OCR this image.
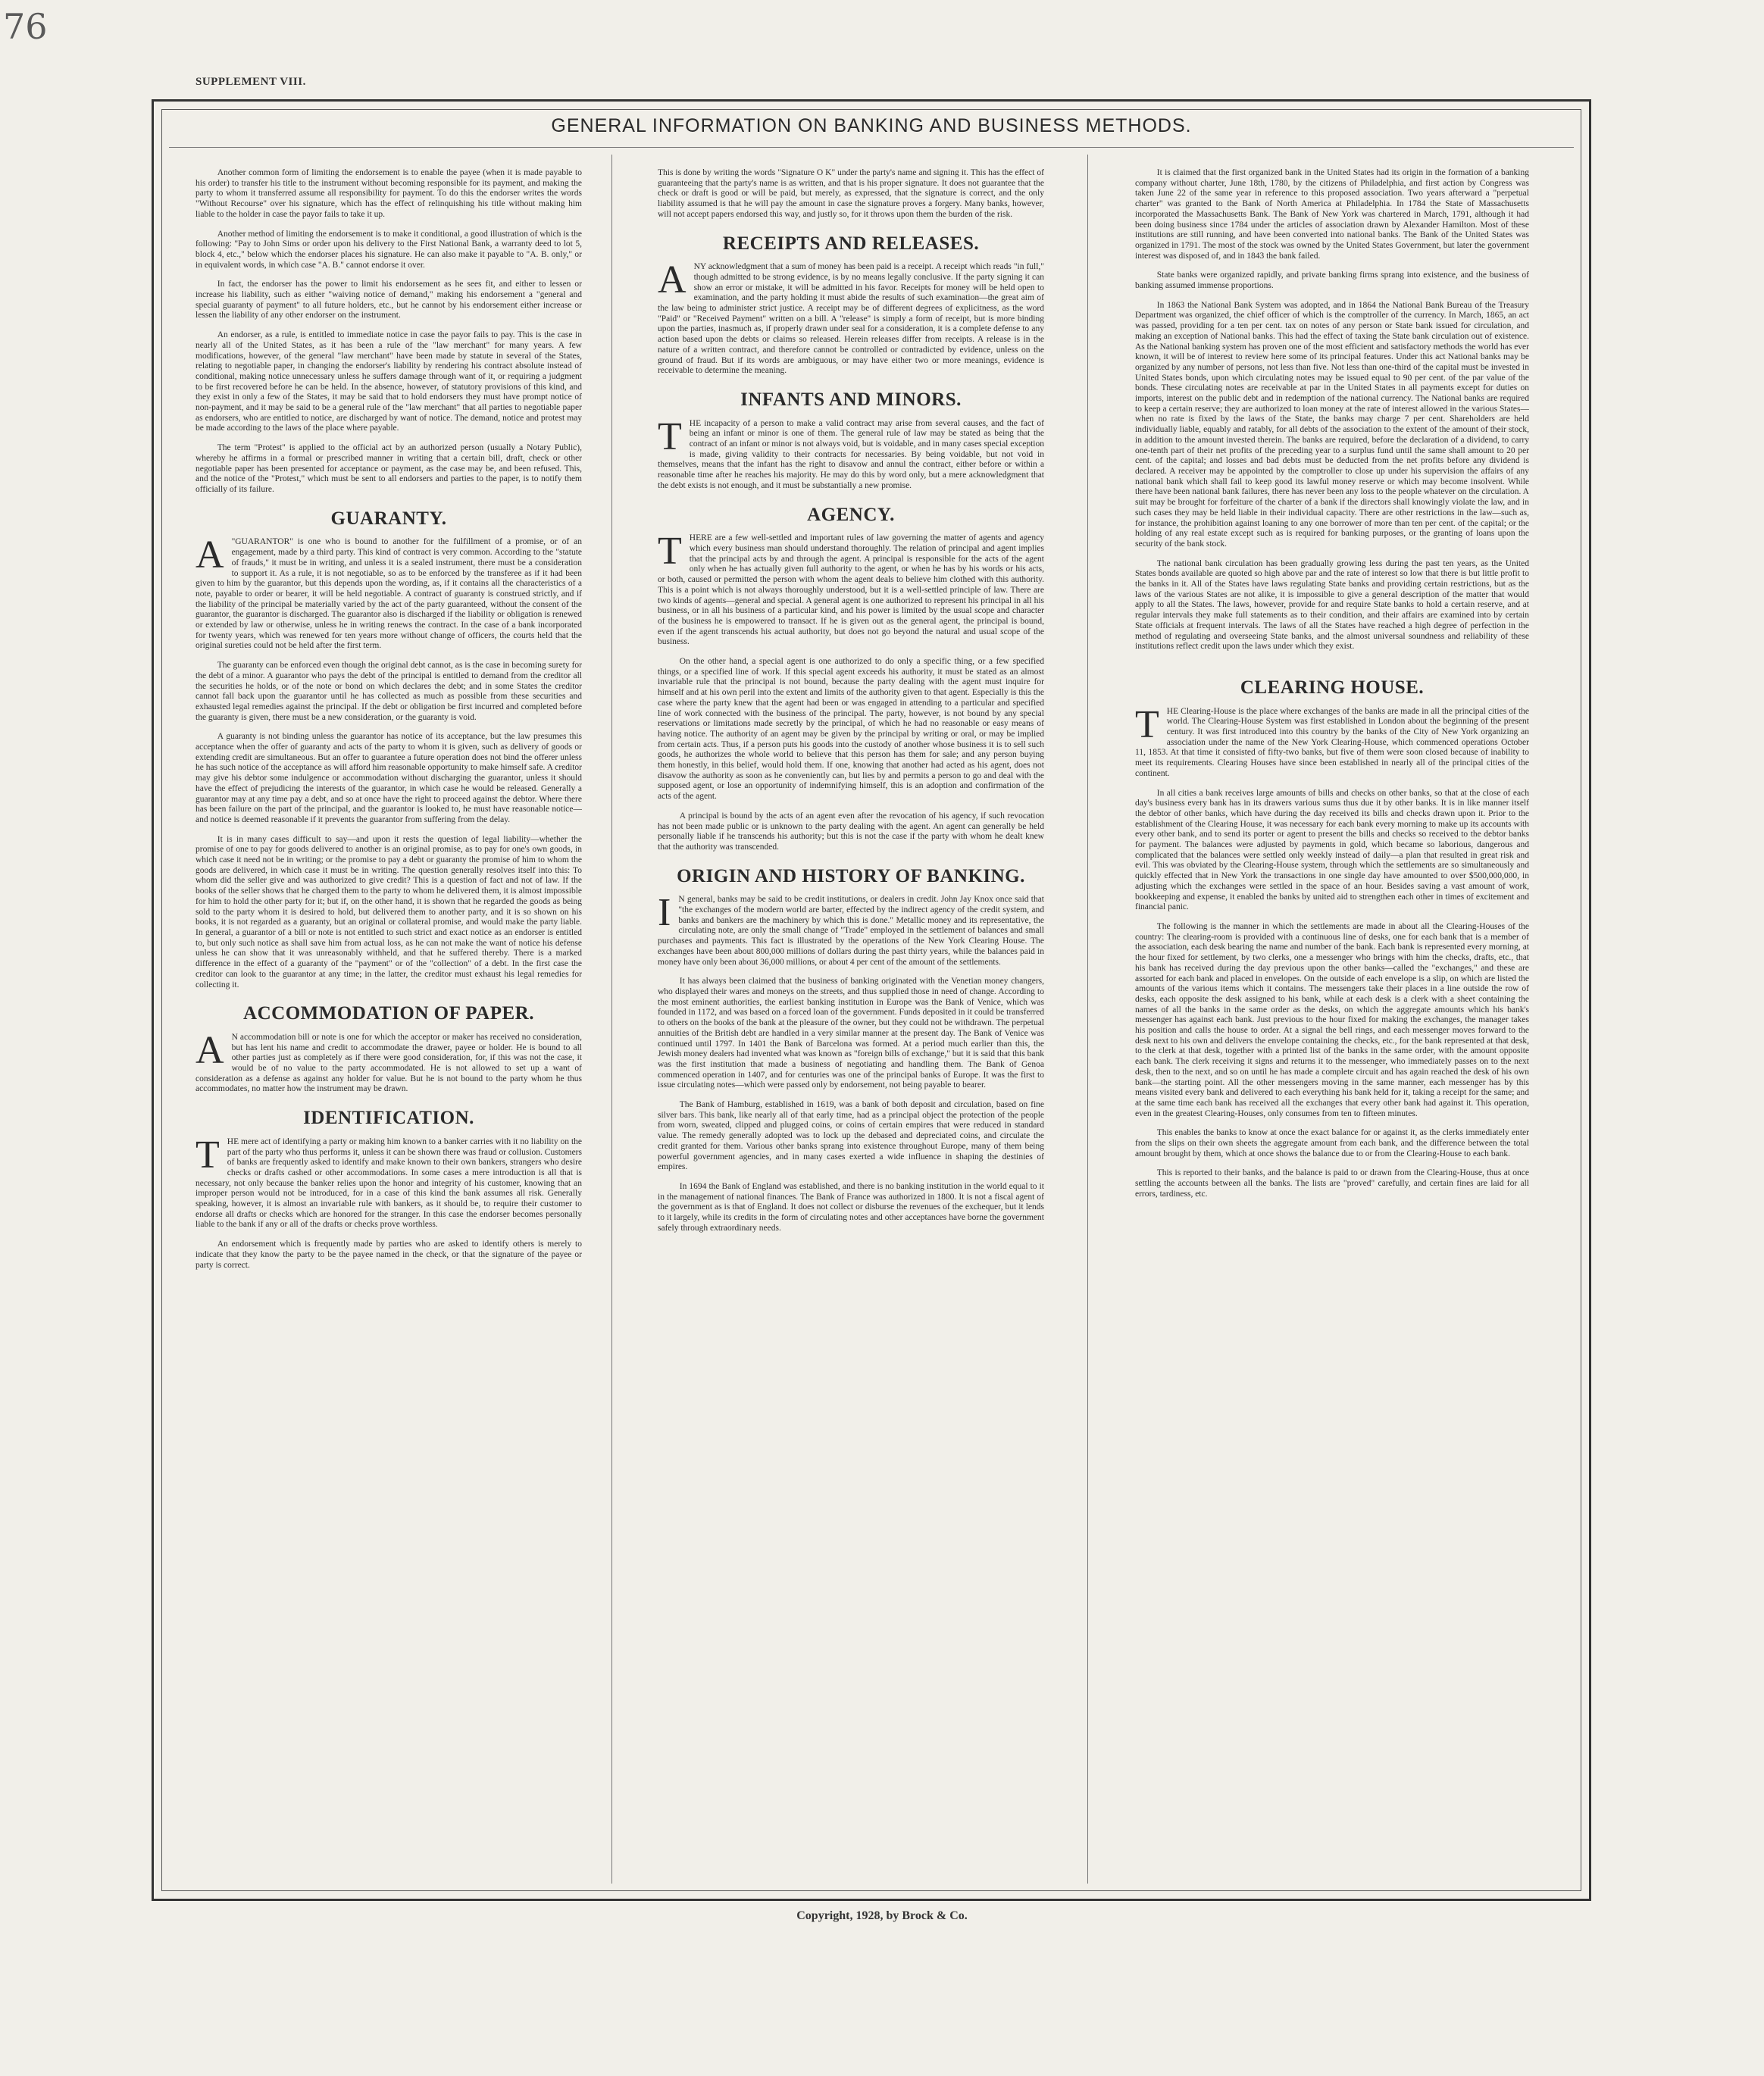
76
SUPPLEMENT VIII.
GENERAL INFORMATION ON BANKING AND BUSINESS METHODS.

Another common form of limiting the endorsement is to enable the payee (when it is made payable to his order) to transfer his title to the instrument without becoming responsible for its payment, and making the party to whom it transferred assume all responsibility for payment. To do this the endorser writes the words "Without Recourse" over his signature, which has the effect of relinquishing his title without making him liable to the holder in case the payor fails to take it up.

Another method of limiting the endorsement is to make it conditional, a good illustration of which is the following: "Pay to John Sims or order upon his delivery to the First National Bank, a warranty deed to lot 5, block 4, etc.," below which the endorser places his signature. He can also make it payable to "A. B. only," or in equivalent words, in which case "A. B." cannot endorse it over.

In fact, the endorser has the power to limit his endorsement as he sees fit, and either to lessen or increase his liability, such as either "waiving notice of demand," making his endorsement a "general and special guaranty of payment" to all future holders, etc., but he cannot by his endorsement either increase or lessen the liability of any other endorser on the instrument.

An endorser, as a rule, is entitled to immediate notice in case the payor fails to pay. This is the case in nearly all of the United States, as it has been a rule of the "law merchant" for many years. A few modifications, however, of the general "law merchant" have been made by statute in several of the States, relating to negotiable paper, in changing the endorser's liability by rendering his contract absolute instead of conditional, making notice unnecessary unless he suffers damage through want of it, or requiring a judgment to be first recovered before he can be held. In the absence, however, of statutory provisions of this kind, and they exist in only a few of the States, it may be said that to hold endorsers they must have prompt notice of non-payment, and it may be said to be a general rule of the "law merchant" that all parties to negotiable paper as endorsers, who are entitled to notice, are discharged by want of notice. The demand, notice and protest may be made according to the laws of the place where payable.

The term "Protest" is applied to the official act by an authorized person (usually a Notary Public), whereby he affirms in a formal or prescribed manner in writing that a certain bill, draft, check or other negotiable paper has been presented for acceptance or payment, as the case may be, and been refused. This, and the notice of the "Protest," which must be sent to all endorsers and parties to the paper, is to notify them officially of its failure.

GUARANTY.

A "GUARANTOR" is one who is bound to another for the fulfillment of a promise, or of an engagement, made by a third party. This kind of contract is very common. According to the "statute of frauds," it must be in writing, and unless it is a sealed instrument, there must be a consideration to support it. As a rule, it is not negotiable, so as to be enforced by the transferee as if it had been given to him by the guarantor, but this depends upon the wording, as, if it contains all the characteristics of a note, payable to order or bearer, it will be held negotiable. A contract of guaranty is construed strictly, and if the liability of the principal be materially varied by the act of the party guaranteed, without the consent of the guarantor, the guarantor is discharged. The guarantor also is discharged if the liability or obligation is renewed or extended by law or otherwise, unless he in writing renews the contract. In the case of a bank incorporated for twenty years, which was renewed for ten years more without change of officers, the courts held that the original sureties could not be held after the first term.

The guaranty can be enforced even though the original debt cannot, as is the case in becoming surety for the debt of a minor. A guarantor who pays the debt of the principal is entitled to demand from the creditor all the securities he holds, or of the note or bond on which declares the debt; and in some States the creditor cannot fall back upon the guarantor until he has collected as much as possible from these securities and exhausted legal remedies against the principal. If the debt or obligation be first incurred and completed before the guaranty is given, there must be a new consideration, or the guaranty is void.

A guaranty is not binding unless the guarantor has notice of its acceptance, but the law presumes this acceptance when the offer of guaranty and acts of the party to whom it is given, such as delivery of goods or extending credit are simultaneous. But an offer to guarantee a future operation does not bind the offerer unless he has such notice of the acceptance as will afford him reasonable opportunity to make himself safe. A creditor may give his debtor some indulgence or accommodation without discharging the guarantor, unless it should have the effect of prejudicing the interests of the guarantor, in which case he would be released. Generally a guarantor may at any time pay a debt, and so at once have the right to proceed against the debtor. Where there has been failure on the part of the principal, and the guarantor is looked to, he must have reasonable notice—and notice is deemed reasonable if it prevents the guarantor from suffering from the delay.

It is in many cases difficult to say—and upon it rests the question of legal liability—whether the promise of one to pay for goods delivered to another is an original promise, as to pay for one's own goods, in which case it need not be in writing; or the promise to pay a debt or guaranty the promise of him to whom the goods are delivered, in which case it must be in writing. The question generally resolves itself into this: To whom did the seller give and was authorized to give credit? This is a question of fact and not of law. If the books of the seller shows that he charged them to the party to whom he delivered them, it is almost impossible for him to hold the other party for it; but if, on the other hand, it is shown that he regarded the goods as being sold to the party whom it is desired to hold, but delivered them to another party, and it is so shown on his books, it is not regarded as a guaranty, but an original or collateral promise, and would make the party liable. In general, a guarantor of a bill or note is not entitled to such strict and exact notice as an endorser is entitled to, but only such notice as shall save him from actual loss, as he can not make the want of notice his defense unless he can show that it was unreasonably withheld, and that he suffered thereby. There is a marked difference in the effect of a guaranty of the "payment" or of the "collection" of a debt. In the first case the creditor can look to the guarantor at any time; in the latter, the creditor must exhaust his legal remedies for collecting it.

ACCOMMODATION OF PAPER.

A N accommodation bill or note is one for which the acceptor or maker has received no consideration, but has lent his name and credit to accommodate the drawer, payee or holder. He is bound to all other parties just as completely as if there were good consideration, for, if this was not the case, it would be of no value to the party accommodated. He is not allowed to set up a want of consideration as a defense as against any holder for value. But he is not bound to the party whom he thus accommodates, no matter how the instrument may be drawn.

IDENTIFICATION.

THE mere act of identifying a party or making him known to a banker carries with it no liability on the part of the party who thus performs it, unless it can be shown there was fraud or collusion. Customers of banks are frequently asked to identify and make known to their own bankers, strangers who desire checks or drafts cashed or other accommodations. In some cases a mere introduction is all that is necessary, not only because the banker relies upon the honor and integrity of his customer, knowing that an improper person would not be introduced, for in a case of this kind the bank assumes all risk. Generally speaking, however, it is almost an invariable rule with bankers, as it should be, to require their customer to endorse all drafts or checks which are honored for the stranger. In this case the endorser becomes personally liable to the bank if any or all of the drafts or checks prove worthless.

An endorsement which is frequently made by parties who are asked to identify others is merely to indicate that they know the party to be the payee named in the check, or that the signature of the payee or party is correct.

This is done by writing the words "Signature O K" under the party's name and signing it. This has the effect of guaranteeing that the party's name is as written, and that is his proper signature. It does not guarantee that the check or draft is good or will be paid, but merely, as expressed, that the signature is correct, and the only liability assumed is that he will pay the amount in case the signature proves a forgery. Many banks, however, will not accept papers endorsed this way, and justly so, for it throws upon them the burden of the risk.

RECEIPTS AND RELEASES.

ANY acknowledgment that a sum of money has been paid is a receipt. A receipt which reads "in full," though admitted to be strong evidence, is by no means legally conclusive. If the party signing it can show an error or mistake, it will be admitted in his favor. Receipts for money will be held open to examination, and the party holding it must abide the results of such examination—the great aim of the law being to administer strict justice. A receipt may be of different degrees of explicitness, as the word "Paid" or "Received Payment" written on a bill. A "release" is simply a form of receipt, but is more binding upon the parties, inasmuch as, if properly drawn under seal for a consideration, it is a complete defense to any action based upon the debts or claims so released. Herein releases differ from receipts. A release is in the nature of a written contract, and therefore cannot be controlled or contradicted by evidence, unless on the ground of fraud. But if its words are ambiguous, or may have either two or more meanings, evidence is receivable to determine the meaning.

INFANTS AND MINORS.

THE incapacity of a person to make a valid contract may arise from several causes, and the fact of being an infant or minor is one of them. The general rule of law may be stated as being that the contract of an infant or minor is not always void, but is voidable, and in many cases special exception is made, giving validity to their contracts for necessaries. By being voidable, but not void in themselves, means that the infant has the right to disavow and annul the contract, either before or within a reasonable time after he reaches his majority. He may do this by word only, but a mere acknowledgment that the debt exists is not enough, and it must be substantially a new promise.

AGENCY.

THERE are a few well-settled and important rules of law governing the matter of agents and agency which every business man should understand thoroughly. The relation of principal and agent implies that the principal acts by and through the agent. A principal is responsible for the acts of the agent only when he has actually given full authority to the agent, or when he has by his words or his acts, or both, caused or permitted the person with whom the agent deals to believe him clothed with this authority. This is a point which is not always thoroughly understood, but it is a well-settled principle of law. There are two kinds of agents—general and special. A general agent is one authorized to represent his principal in all his business, or in all his business of a particular kind, and his power is limited by the usual scope and character of the business he is empowered to transact. If he is given out as the general agent, the principal is bound, even if the agent transcends his actual authority, but does not go beyond the natural and usual scope of the business.

On the other hand, a special agent is one authorized to do only a specific thing, or a few specified things, or a specified line of work. If this special agent exceeds his authority, it must be stated as an almost invariable rule that the principal is not bound, because the party dealing with the agent must inquire for himself and at his own peril into the extent and limits of the authority given to that agent. Especially is this the case where the party knew that the agent had been or was engaged in attending to a particular and specified line of work connected with the business of the principal. The party, however, is not bound by any special reservations or limitations made secretly by the principal, of which he had no reasonable or easy means of having notice. The authority of an agent may be given by the principal by writing or oral, or may be implied from certain acts. Thus, if a person puts his goods into the custody of another whose business it is to sell such goods, he authorizes the whole world to believe that this person has them for sale; and any person buying them honestly, in this belief, would hold them. If one, knowing that another had acted as his agent, does not disavow the authority as soon as he conveniently can, but lies by and permits a person to go and deal with the supposed agent, or lose an opportunity of indemnifying himself, this is an adoption and confirmation of the acts of the agent.

A principal is bound by the acts of an agent even after the revocation of his agency, if such revocation has not been made public or is unknown to the party dealing with the agent. An agent can generally be held personally liable if he transcends his authority; but this is not the case if the party with whom he dealt knew that the authority was transcended.

ORIGIN AND HISTORY OF BANKING.

I N general, banks may be said to be credit institutions, or dealers in credit. John Jay Knox once said that "the exchanges of the modern world are barter, effected by the indirect agency of the credit system, and banks and bankers are the machinery by which this is done." Metallic money and its representative, the circulating note, are only the small change of "Trade" employed in the settlement of balances and small purchases and payments. This fact is illustrated by the operations of the New York Clearing House. The exchanges have been about 800,000 millions of dollars during the past thirty years, while the balances paid in money have only been about 36,000 millions, or about 4 per cent of the amount of the settlements.

It has always been claimed that the business of banking originated with the Venetian money changers, who displayed their wares and moneys on the streets, and thus supplied those in need of change. According to the most eminent authorities, the earliest banking institution in Europe was the Bank of Venice, which was founded in 1172, and was based on a forced loan of the government. Funds deposited in it could be transferred to others on the books of the bank at the pleasure of the owner, but they could not be withdrawn. The perpetual annuities of the British debt are handled in a very similar manner at the present day. The Bank of Venice was continued until 1797. In 1401 the Bank of Barcelona was formed. At a period much earlier than this, the Jewish money dealers had invented what was known as "foreign bills of exchange," but it is said that this bank was the first institution that made a business of negotiating and handling them. The Bank of Genoa commenced operation in 1407, and for centuries was one of the principal banks of Europe. It was the first to issue circulating notes—which were passed only by endorsement, not being payable to bearer.

The Bank of Hamburg, established in 1619, was a bank of both deposit and circulation, based on fine silver bars. This bank, like nearly all of that early time, had as a principal object the protection of the people from worn, sweated, clipped and plugged coins, or coins of certain empires that were reduced in standard value. The remedy generally adopted was to lock up the debased and depreciated coins, and circulate the credit granted for them. Various other banks sprang into existence throughout Europe, many of them being powerful government agencies, and in many cases exerted a wide influence in shaping the destinies of empires.

In 1694 the Bank of England was established, and there is no banking institution in the world equal to it in the management of national finances. The Bank of France was authorized in 1800. It is not a fiscal agent of the government as is that of England. It does not collect or disburse the revenues of the exchequer, but it lends to it largely, while its credits in the form of circulating notes and other acceptances have borne the government safely through extraordinary needs.

It is claimed that the first organized bank in the United States had its origin in the formation of a banking company without charter, June 18th, 1780, by the citizens of Philadelphia, and first action by Congress was taken June 22 of the same year in reference to this proposed association. Two years afterward a "perpetual charter" was granted to the Bank of North America at Philadelphia. In 1784 the State of Massachusetts incorporated the Massachusetts Bank. The Bank of New York was chartered in March, 1791, although it had been doing business since 1784 under the articles of association drawn by Alexander Hamilton. Most of these institutions are still running, and have been converted into national banks. The Bank of the United States was organized in 1791. The most of the stock was owned by the United States Government, but later the government interest was disposed of, and in 1843 the bank failed.

State banks were organized rapidly, and private banking firms sprang into existence, and the business of banking assumed immense proportions.

In 1863 the National Bank System was adopted, and in 1864 the National Bank Bureau of the Treasury Department was organized, the chief officer of which is the comptroller of the currency. In March, 1865, an act was passed, providing for a ten per cent. tax on notes of any person or State bank issued for circulation, and making an exception of National banks. This had the effect of taxing the State bank circulation out of existence. As the National banking system has proven one of the most efficient and satisfactory methods the world has ever known, it will be of interest to review here some of its principal features. Under this act National banks may be organized by any number of persons, not less than five. Not less than one-third of the capital must be invested in United States bonds, upon which circulating notes may be issued equal to 90 per cent. of the par value of the bonds. These circulating notes are receivable at par in the United States in all payments except for duties on imports, interest on the public debt and in redemption of the national currency. The National banks are required to keep a certain reserve; they are authorized to loan money at the rate of interest allowed in the various States—when no rate is fixed by the laws of the State, the banks may charge 7 per cent. Shareholders are held individually liable, equably and ratably, for all debts of the association to the extent of the amount of their stock, in addition to the amount invested therein. The banks are required, before the declaration of a dividend, to carry one-tenth part of their net profits of the preceding year to a surplus fund until the same shall amount to 20 per cent. of the capital; and losses and bad debts must be deducted from the net profits before any dividend is declared. A receiver may be appointed by the comptroller to close up under his supervision the affairs of any national bank which shall fail to keep good its lawful money reserve or which may become insolvent. While there have been national bank failures, there has never been any loss to the people whatever on the circulation. A suit may be brought for forfeiture of the charter of a bank if the directors shall knowingly violate the law, and in such cases they may be held liable in their individual capacity. There are other restrictions in the law—such as, for instance, the prohibition against loaning to any one borrower of more than ten per cent. of the capital; or the holding of any real estate except such as is required for banking purposes, or the granting of loans upon the security of the bank stock.

The national bank circulation has been gradually growing less during the past ten years, as the United States bonds available are quoted so high above par and the rate of interest so low that there is but little profit to the banks in it. All of the States have laws regulating State banks and providing certain restrictions, but as the laws of the various States are not alike, it is impossible to give a general description of the matter that would apply to all the States. The laws, however, provide for and require State banks to hold a certain reserve, and at regular intervals they make full statements as to their condition, and their affairs are examined into by certain State officials at frequent intervals. The laws of all the States have reached a high degree of perfection in the method of regulating and overseeing State banks, and the almost universal soundness and reliability of these institutions reflect credit upon the laws under which they exist.

CLEARING HOUSE.

THE Clearing-House is the place where exchanges of the banks are made in all the principal cities of the world. The Clearing-House System was first established in London about the beginning of the present century. It was first introduced into this country by the banks of the City of New York organizing an association under the name of the New York Clearing-House, which commenced operations October 11, 1853. At that time it consisted of fifty-two banks, but five of them were soon closed because of inability to meet its requirements. Clearing Houses have since been established in nearly all of the principal cities of the continent.

In all cities a bank receives large amounts of bills and checks on other banks, so that at the close of each day's business every bank has in its drawers various sums thus due it by other banks. It is in like manner itself the debtor of other banks, which have during the day received its bills and checks drawn upon it. Prior to the establishment of the Clearing House, it was necessary for each bank every morning to make up its accounts with every other bank, and to send its porter or agent to present the bills and checks so received to the debtor banks for payment. The balances were adjusted by payments in gold, which became so laborious, dangerous and complicated that the balances were settled only weekly instead of daily—a plan that resulted in great risk and evil. This was obviated by the Clearing-House system, through which the settlements are so simultaneously and quickly effected that in New York the transactions in one single day have amounted to over $500,000,000, in adjusting which the exchanges were settled in the space of an hour. Besides saving a vast amount of work, bookkeeping and expense, it enabled the banks by united aid to strengthen each other in times of excitement and financial panic.

The following is the manner in which the settlements are made in about all the Clearing-Houses of the country: The clearing-room is provided with a continuous line of desks, one for each bank that is a member of the association, each desk bearing the name and number of the bank. Each bank is represented every morning, at the hour fixed for settlement, by two clerks, one a messenger who brings with him the checks, drafts, etc., that his bank has received during the day previous upon the other banks—called the "exchanges," and these are assorted for each bank and placed in envelopes. On the outside of each envelope is a slip, on which are listed the amounts of the various items which it contains. The messengers take their places in a line outside the row of desks, each opposite the desk assigned to his bank, while at each desk is a clerk with a sheet containing the names of all the banks in the same order as the desks, on which the aggregate amounts which his bank's messenger has against each bank. Just previous to the hour fixed for making the exchanges, the manager takes his position and calls the house to order. At a signal the bell rings, and each messenger moves forward to the desk next to his own and delivers the envelope containing the checks, etc., for the bank represented at that desk, to the clerk at that desk, together with a printed list of the banks in the same order, with the amount opposite each bank. The clerk receiving it signs and returns it to the messenger, who immediately passes on to the next desk, then to the next, and so on until he has made a complete circuit and has again reached the desk of his own bank—the starting point. All the other messengers moving in the same manner, each messenger has by this means visited every bank and delivered to each everything his bank held for it, taking a receipt for the same; and at the same time each bank has received all the exchanges that every other bank had against it. This operation, even in the greatest Clearing-Houses, only consumes from ten to fifteen minutes.

This enables the banks to know at once the exact balance for or against it, as the clerks immediately enter from the slips on their own sheets the aggregate amount from each bank, and the difference between the total amount brought by them, which at once shows the balance due to or from the Clearing-House to each bank.

This is reported to their banks, and the balance is paid to or drawn from the Clearing-House, thus at once settling the accounts between all the banks. The lists are "proved" carefully, and certain fines are laid for all errors, tardiness, etc.

Copyright, 1928, by Brock & Co.
